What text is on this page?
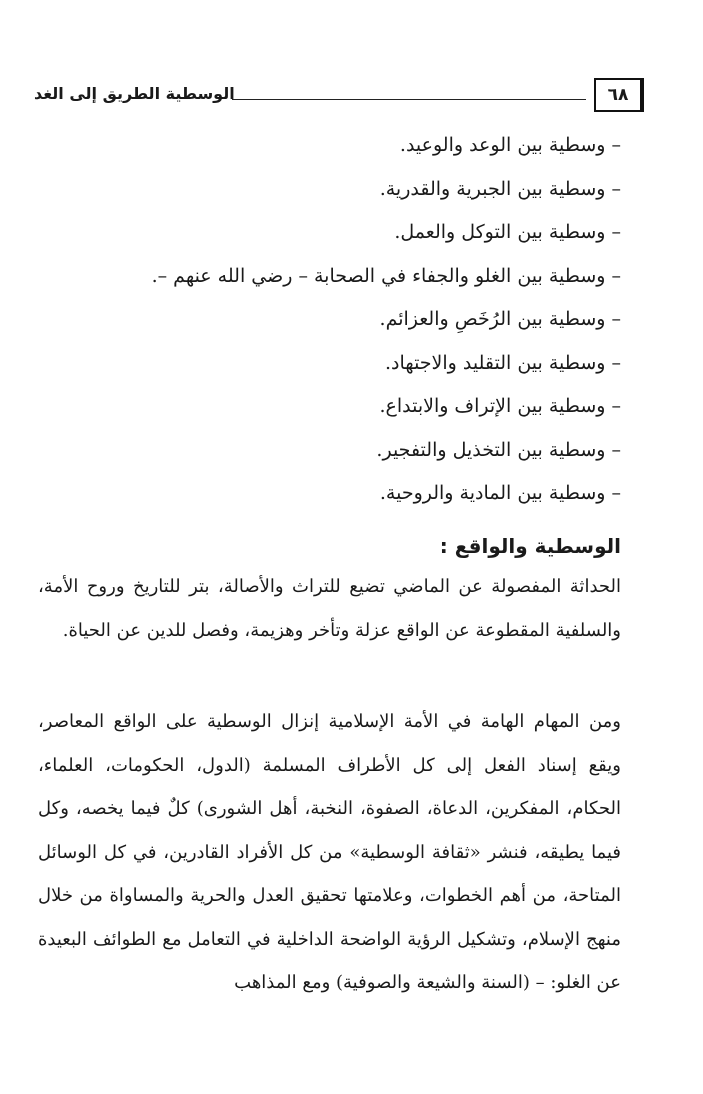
الوسطية الطريق إلى الغد	٦٨
– وسطية بين الوعد والوعيد.
– وسطية بين الجبرية والقدرية.
– وسطية بين التوكل والعمل.
– وسطية بين الغلو والجفاء في الصحابة – رضي الله عنهم –.
– وسطية بين الرُخَصِ والعزائم.
– وسطية بين التقليد والاجتهاد.
– وسطية بين الإتراف والابتداع.
– وسطية بين التخذيل والتفجير.
– وسطية بين المادية والروحية.
الوسطية والواقع :

الحداثة المفصولة عن الماضي تضيع للتراث والأصالة، بتر للتاريخ وروح الأمة، والسلفية المقطوعة عن الواقع عزلة وتأخر وهزيمة، وفصل للدين عن الحياة.

ومن المهام الهامة في الأمة الإسلامية إنزال الوسطية على الواقع المعاصر، ويقع إسناد الفعل إلى كل الأطراف المسلمة (الدول، الحكومات، العلماء، الحكام، المفكرين، الدعاة، الصفوة، النخبة، أهل الشورى) كلٌ فيما يخصه، وكل فيما يطيقه، فنشر «ثقافة الوسطية» من كل الأفراد القادرين، في كل الوسائل المتاحة، من أهم الخطوات، وعلامتها تحقيق العدل والحرية والمساواة من خلال منهج الإسلام، وتشكيل الرؤية الواضحة الداخلية في التعامل مع الطوائف البعيدة عن الغلو: – (السنة والشيعة والصوفية) ومع المذاهب
